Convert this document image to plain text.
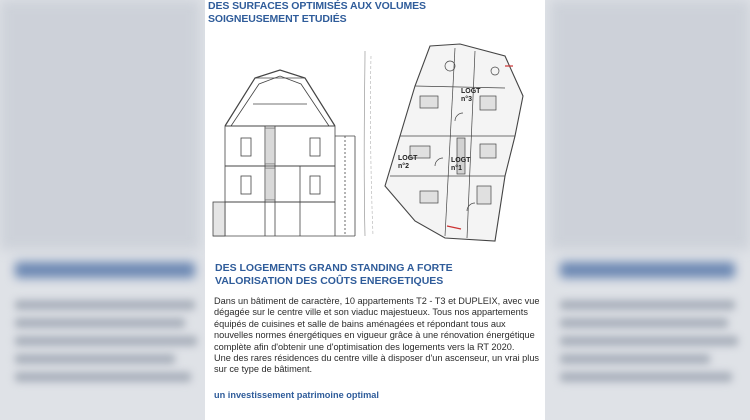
DES SURFACES OPTIMISÉS AUX VOLUMES
SOIGNEUSEMENT ETUDIÉS
LOGT
n°3
LOGT
n°2
LOGT
n°1
DES LOGEMENTS GRAND STANDING A FORTE
VALORISATION DES COÛTS ENERGETIQUES

Dans un bâtiment de caractère, 10 appartements T2 - T3 et DUPLEIX, avec vue dégagée sur le centre ville et son viaduc majestueux. Tous nos appartements équipés de cuisines et salle de bains aménagées et répondant tous aux nouvelles normes énergétiques en vigueur grâce à une rénovation énergétique complète afin d'obtenir une d'optimisation des logements vers la RT 2020.

Une des rares résidences du centre ville à disposer d'un ascenseur, un vrai plus sur ce type de bâtiment.

un investissement patrimoine optimal
